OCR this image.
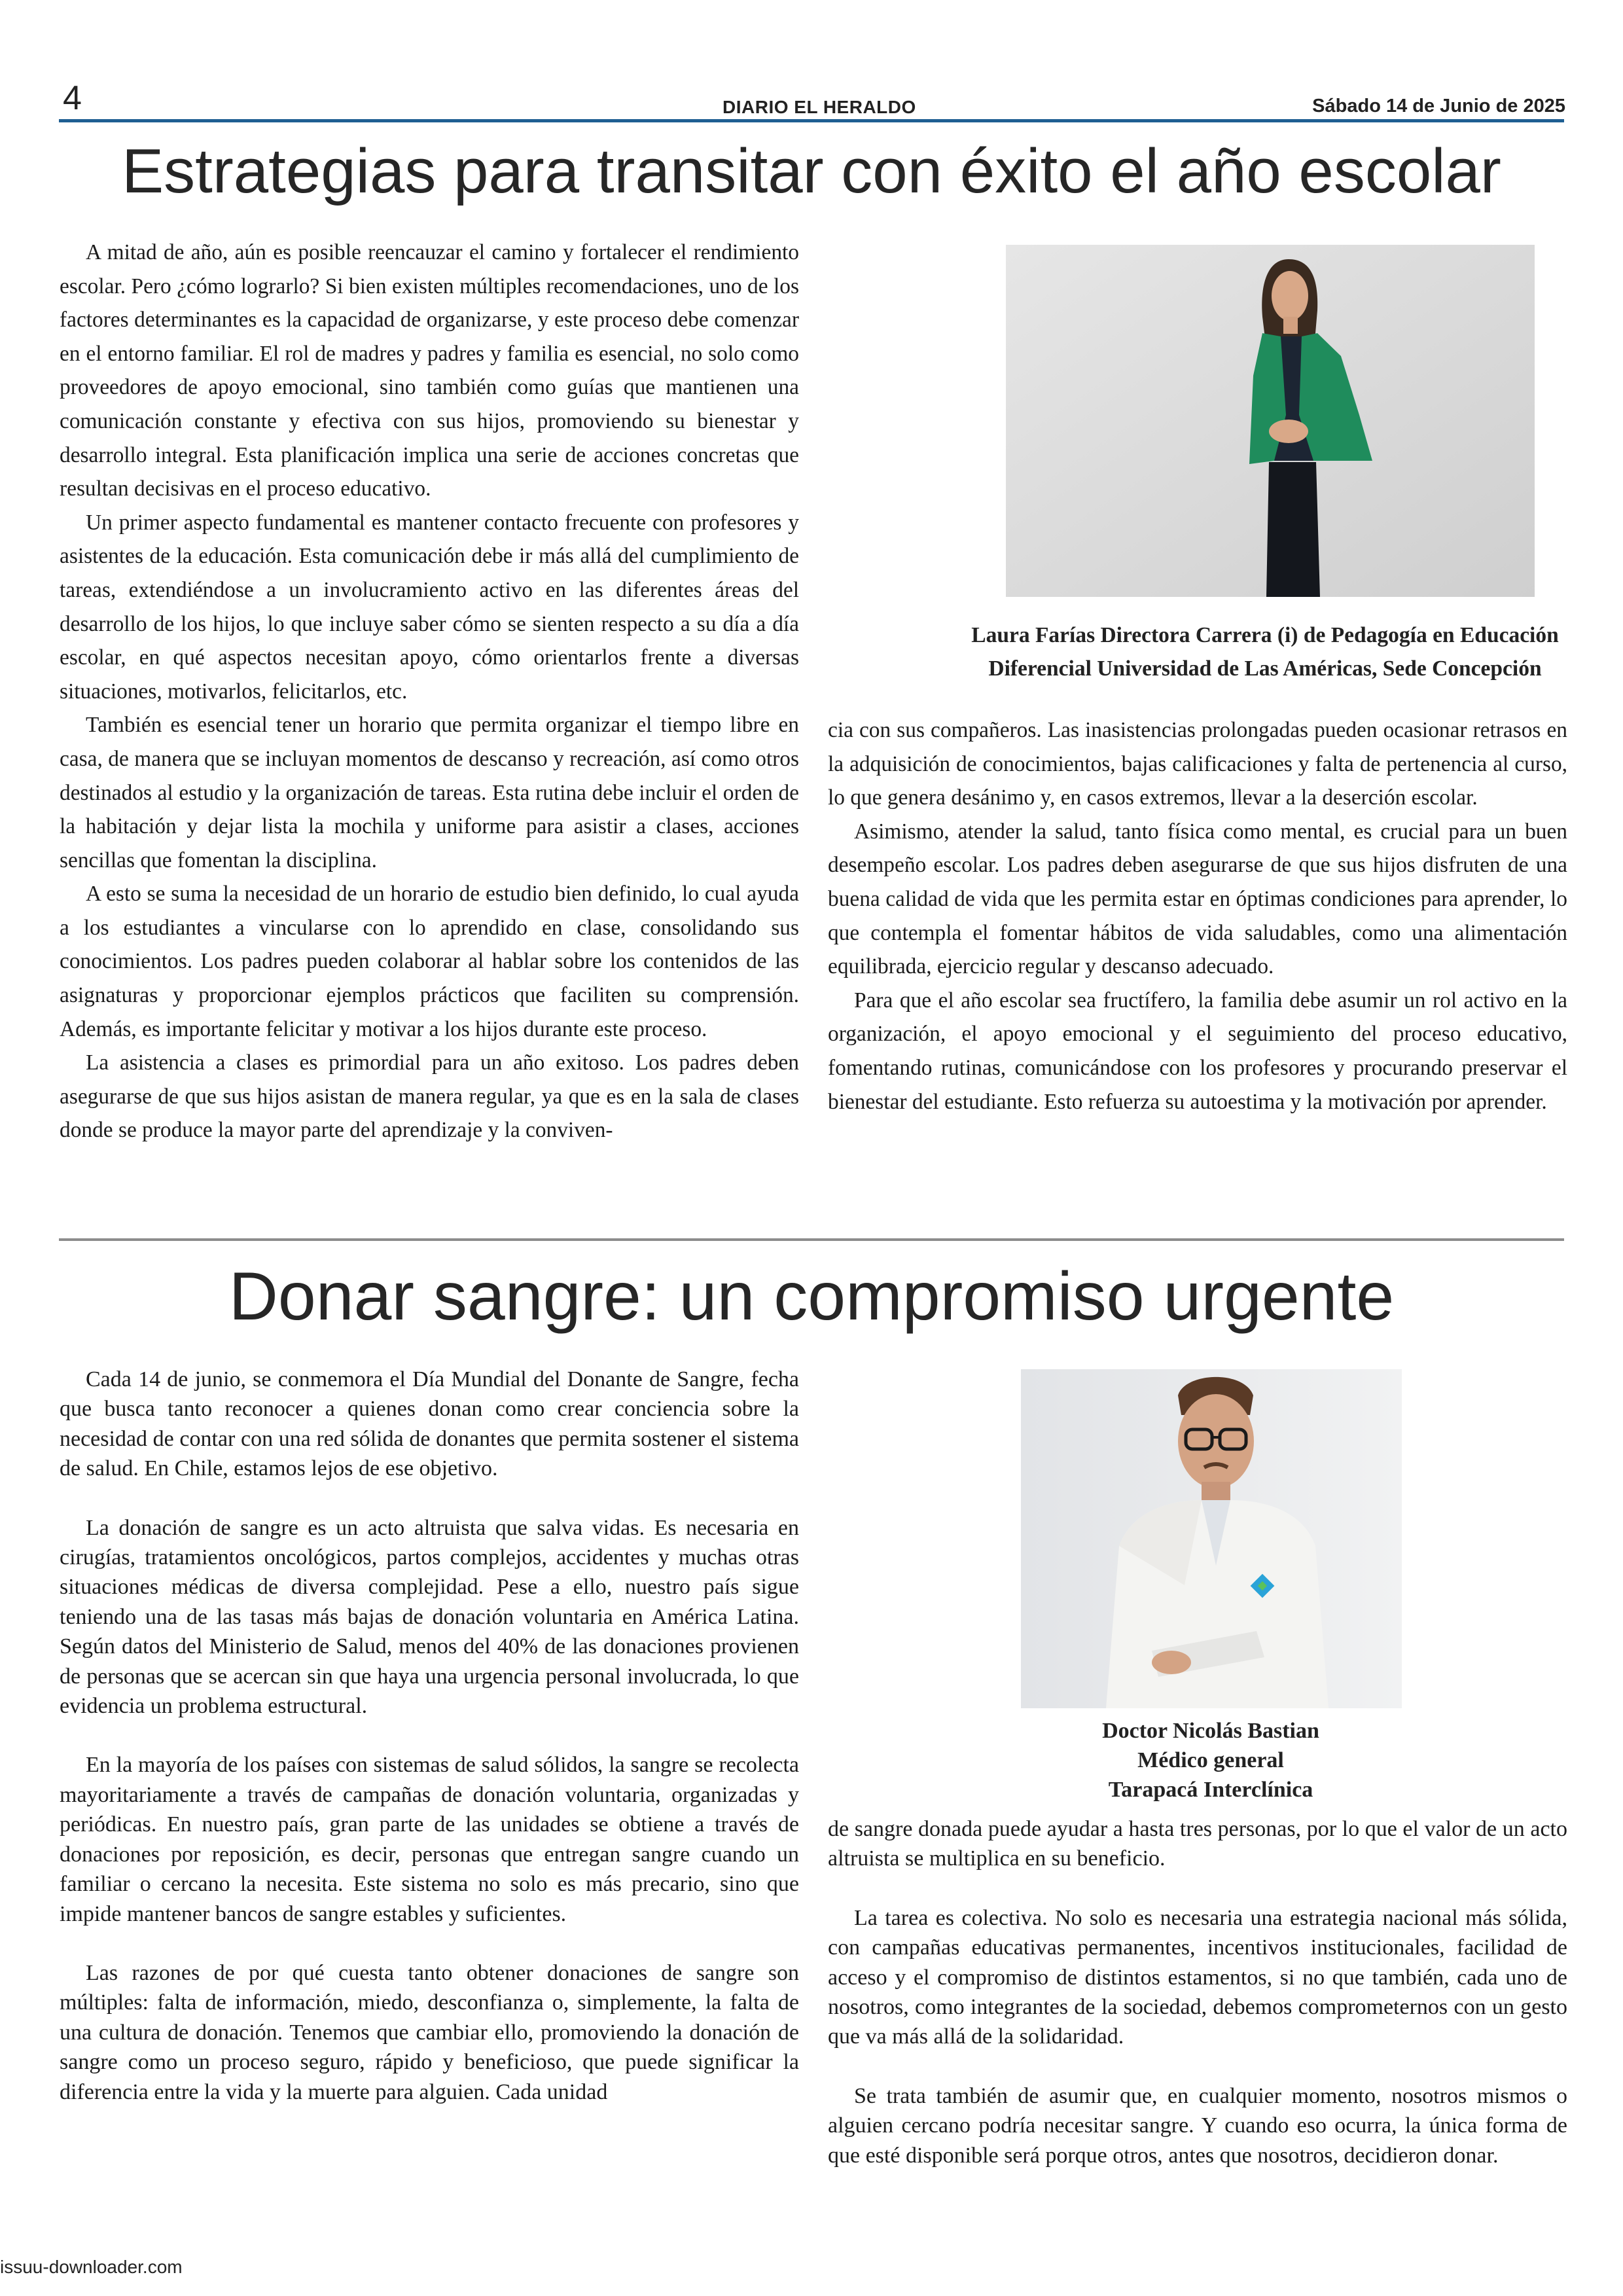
4	DIARIO EL HERALDO	Sábado 14 de Junio de 2025
Estrategias para transitar con éxito el año escolar

A mitad de año, aún es posible reencauzar el camino y fortalecer el rendimiento escolar. Pero ¿cómo lograrlo? Si bien existen múltiples recomendaciones, uno de los factores determinantes es la capacidad de organizarse, y este proceso debe comenzar en el entorno familiar. El rol de madres y padres y familia es esencial, no solo como proveedores de apoyo emocional, sino también como guías que mantienen una comunicación constante y efectiva con sus hijos, promoviendo su bienestar y desarrollo integral. Esta planificación implica una serie de acciones concretas que resultan decisivas en el proceso educativo.

Un primer aspecto fundamental es mantener contacto frecuente con profesores y asistentes de la educación. Esta comunicación debe ir más allá del cumplimiento de tareas, extendiéndose a un involucramiento activo en las diferentes áreas del desarrollo de los hijos, lo que incluye saber cómo se sienten respecto a su día a día escolar, en qué aspectos necesitan apoyo, cómo orientarlos frente a diversas situaciones, motivarlos, felicitarlos, etc.

También es esencial tener un horario que permita organizar el tiempo libre en casa, de manera que se incluyan momentos de descanso y recreación, así como otros destinados al estudio y la organización de tareas. Esta rutina debe incluir el orden de la habitación y dejar lista la mochila y uniforme para asistir a clases, acciones sencillas que fomentan la disciplina.

A esto se suma la necesidad de un horario de estudio bien definido, lo cual ayuda a los estudiantes a vincularse con lo aprendido en clase, consolidando sus conocimientos. Los padres pueden colaborar al hablar sobre los contenidos de las asignaturas y proporcionar ejemplos prácticos que faciliten su comprensión. Además, es importante felicitar y motivar a los hijos durante este proceso.

La asistencia a clases es primordial para un año exitoso. Los padres deben asegurarse de que sus hijos asistan de manera regular, ya que es en la sala de clases donde se produce la mayor parte del aprendizaje y la conviven-

Laura Farías Directora Carrera (i) de Pedagogía en Educación
Diferencial Universidad de Las Américas, Sede Concepción

cia con sus compañeros. Las inasistencias prolongadas pueden ocasionar retrasos en la adquisición de conocimientos, bajas calificaciones y falta de pertenencia al curso, lo que genera desánimo y, en casos extremos, llevar a la deserción escolar.

Asimismo, atender la salud, tanto física como mental, es crucial para un buen desempeño escolar. Los padres deben asegurarse de que sus hijos disfruten de una buena calidad de vida que les permita estar en óptimas condiciones para aprender, lo que contempla el fomentar hábitos de vida saludables, como una alimentación equilibrada, ejercicio regular y descanso adecuado.

Para que el año escolar sea fructífero, la familia debe asumir un rol activo en la organización, el apoyo emocional y el seguimiento del proceso educativo, fomentando rutinas, comunicándose con los profesores y procurando preservar el bienestar del estudiante. Esto refuerza su autoestima y la motivación por aprender.

Donar sangre: un compromiso urgente

Cada 14 de junio, se conmemora el Día Mundial del Donante de Sangre, fecha que busca tanto reconocer a quienes donan como crear conciencia sobre la necesidad de contar con una red sólida de donantes que permita sostener el sistema de salud. En Chile, estamos lejos de ese objetivo.

La donación de sangre es un acto altruista que salva vidas. Es necesaria en cirugías, tratamientos oncológicos, partos complejos, accidentes y muchas otras situaciones médicas de diversa complejidad. Pese a ello, nuestro país sigue teniendo una de las tasas más bajas de donación voluntaria en América Latina. Según datos del Ministerio de Salud, menos del 40% de las donaciones provienen de personas que se acercan sin que haya una urgencia personal involucrada, lo que evidencia un problema estructural.

En la mayoría de los países con sistemas de salud sólidos, la sangre se recolecta mayoritariamente a través de campañas de donación voluntaria, organizadas y periódicas. En nuestro país, gran parte de las unidades se obtiene a través de donaciones por reposición, es decir, personas que entregan sangre cuando un familiar o cercano la necesita. Este sistema no solo es más precario, sino que impide mantener bancos de sangre estables y suficientes.

Las razones de por qué cuesta tanto obtener donaciones de sangre son múltiples: falta de información, miedo, desconfianza o, simplemente, la falta de una cultura de donación. Tenemos que cambiar ello, promoviendo la donación de sangre como un proceso seguro, rápido y beneficioso, que puede significar la diferencia entre la vida y la muerte para alguien. Cada unidad

Doctor Nicolás Bastian
Médico general
Tarapacá Interclínica

de sangre donada puede ayudar a hasta tres personas, por lo que el valor de un acto altruista se multiplica en su beneficio.

La tarea es colectiva. No solo es necesaria una estrategia nacional más sólida, con campañas educativas permanentes, incentivos institucionales, facilidad de acceso y el compromiso de distintos estamentos, si no que también, cada uno de nosotros, como integrantes de la sociedad, debemos comprometernos con un gesto que va más allá de la solidaridad.

Se trata también de asumir que, en cualquier momento, nosotros mismos o alguien cercano podría necesitar sangre. Y cuando eso ocurra, la única forma de que esté disponible será porque otros, antes que nosotros, decidieron donar.

issuu-downloader.com
